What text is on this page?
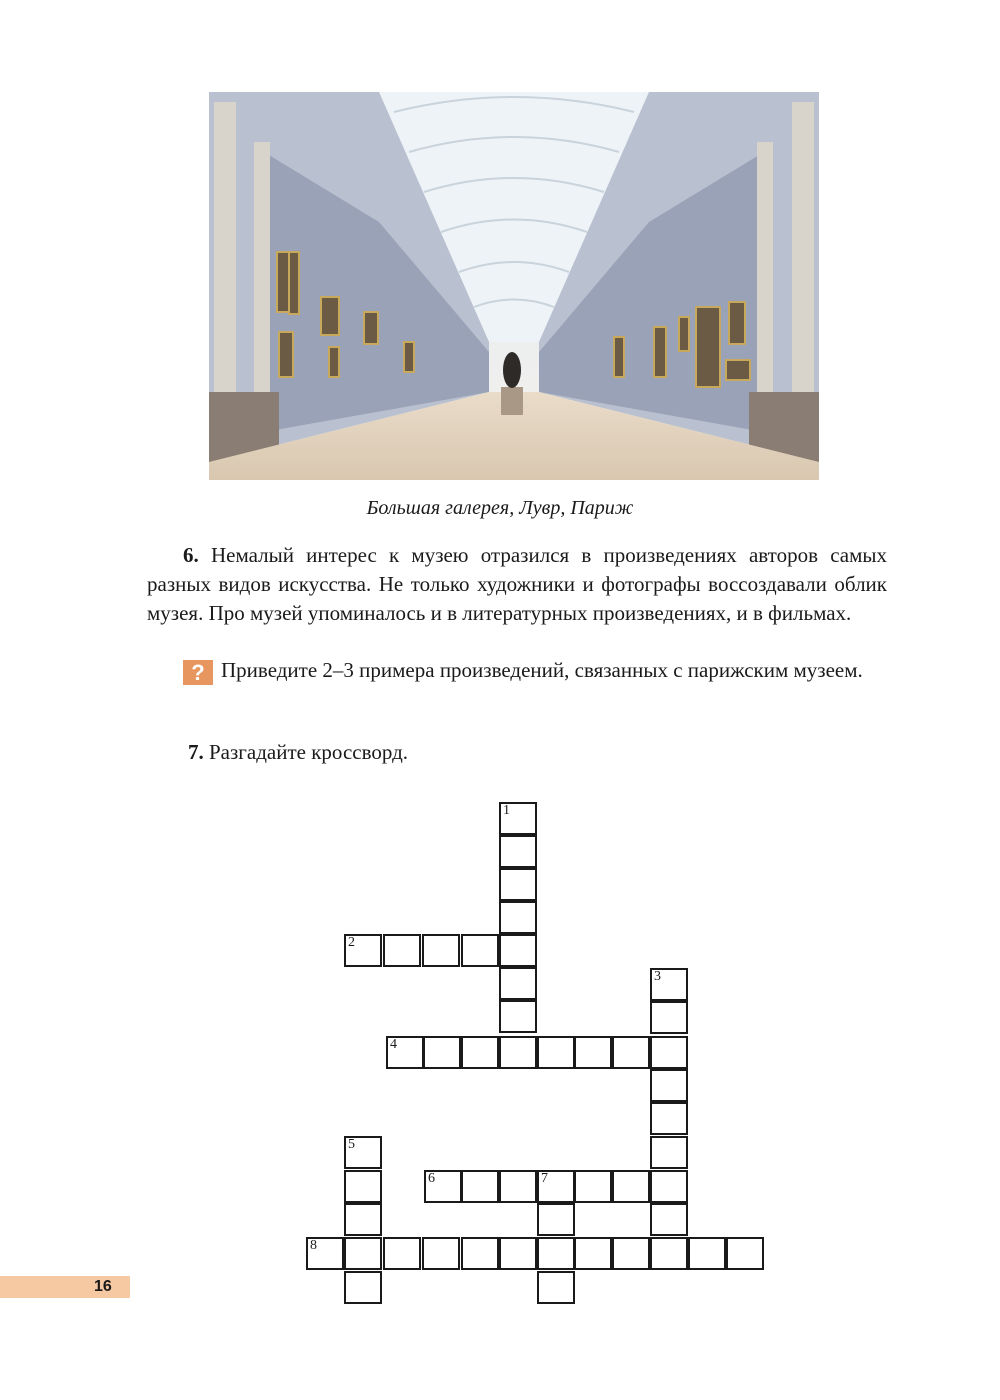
Большая галерея, Лувр, Париж
6. Немалый интерес к музею отразился в произведениях авторов самых разных видов искусства. Не только художники и фотографы воссоздавали облик музея. Про музей упоминалось и в литературных произведениях, и в фильмах.
? Приведите 2–3 примера произведений, связанных с парижским музеем.
7. Разгадайте кроссворд.
1
2
3
4
5
6	7
8
16
